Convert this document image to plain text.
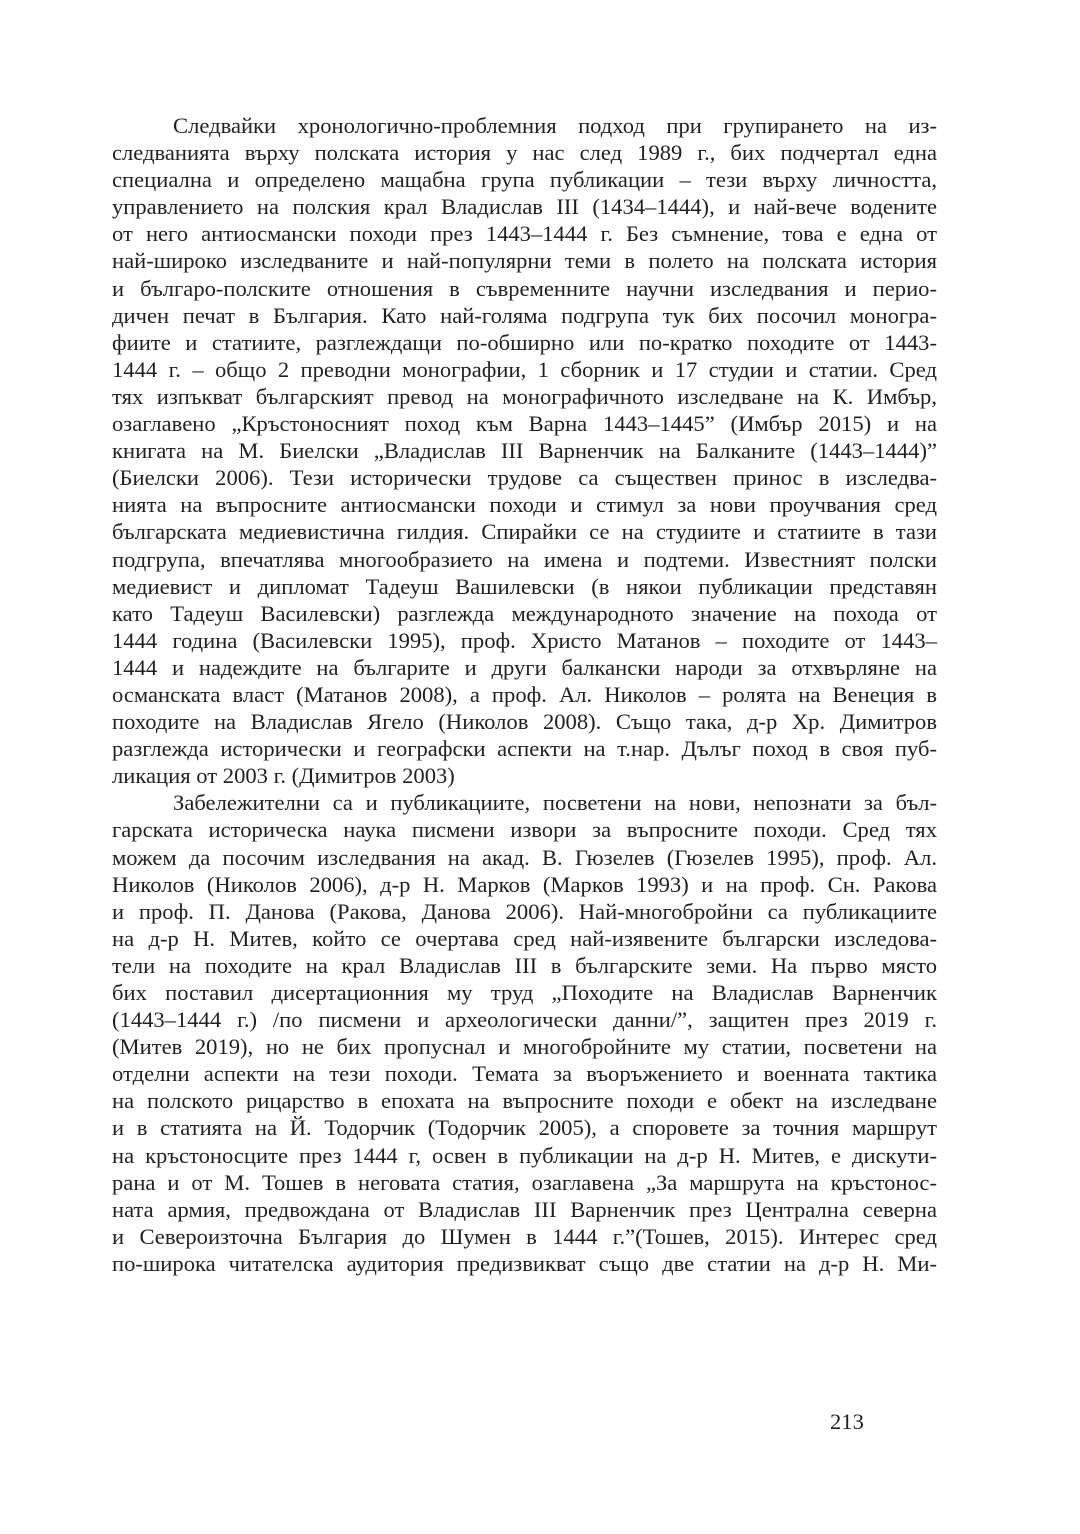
Следвайки хронологично-проблемния подход при групирането на из-
следванията върху полската история у нас след 1989 г., бих подчертал една
специална и определено мащабна група публикации – тези върху личността,
управлението на полския крал Владислав III (1434–1444), и най-вече водените
от него антиосмански походи през 1443–1444 г. Без съмнение, това е една от
най-широко изследваните и най-популярни теми в полето на полската история
и българо-полските отношения в съвременните научни изследвания и перио-
дичен печат в България. Като най-голяма подгрупа тук бих посочил моногра-
фиите и статиите, разглеждащи по-обширно или по-кратко походите от 1443-
1444 г. – общо 2 преводни монографии, 1 сборник и 17 студии и статии. Сред
тях изпъкват българският превод на монографичното изследване на К. Имбър,
озаглавено „Кръстоносният поход към Варна 1443–1445” (Имбър 2015) и на
книгата на М. Биелски „Владислав III Варненчик на Балканите (1443–1444)”
(Биелски 2006). Тези исторически трудове са съществен принос в изследва-
нията на въпросните антиосмански походи и стимул за нови проучвания сред
българската медиевистична гилдия. Спирайки се на студиите и статиите в тази
подгрупа, впечатлява многообразието на имена и подтеми. Известният полски
медиевист и дипломат Тадеуш Вашилевски (в някои публикации представян
като Тадеуш Василевски) разглежда международното значение на похода от
1444 година (Василевски 1995), проф. Христо Матанов – походите от 1443–
1444 и надеждите на българите и други балкански народи за отхвърляне на
османската власт (Матанов 2008), а проф. Ал. Николов – ролята на Венеция в
походите на Владислав Ягело (Николов 2008). Също така, д-р Хр. Димитров
разглежда исторически и географски аспекти на т.нар. Дълъг поход в своя пуб-
ликация от 2003 г. (Димитров 2003)
Забележителни са и публикациите, посветени на нови, непознати за бъл-
гарската историческа наука писмени извори за въпросните походи. Сред тях
можем да посочим изследвания на акад. В. Гюзелев (Гюзелев 1995), проф. Ал.
Николов (Николов 2006), д-р Н. Марков (Марков 1993) и на проф. Сн. Ракова
и проф. П. Данова (Ракова, Данова 2006). Най-многобройни са публикациите
на д-р Н. Митев, който се очертава сред най-изявените български изследова-
тели на походите на крал Владислав III в българските земи. На първо място
бих поставил дисертационния му труд „Походите на Владислав Варненчик
(1443–1444 г.) /по писмени и археологически данни/”, защитен през 2019 г.
(Митев 2019), но не бих пропуснал и многобройните му статии, посветени на
отделни аспекти на тези походи. Темата за въоръжението и военната тактика
на полското рицарство в епохата на въпросните походи е обект на изследване
и в статията на Й. Тодорчик (Тодорчик 2005), а споровете за точния маршрут
на кръстоносците през 1444 г, освен в публикации на д-р Н. Митев, е дискути-
рана и от М. Тошев в неговата статия, озаглавена „За маршрута на кръстонос-
ната армия, предвождана от Владислав III Варненчик през Централна северна
и Североизточна България до Шумен в 1444 г.”(Тошев, 2015). Интерес сред
по-широка читателска аудитория предизвикват също две статии на д-р Н. Ми-
213
